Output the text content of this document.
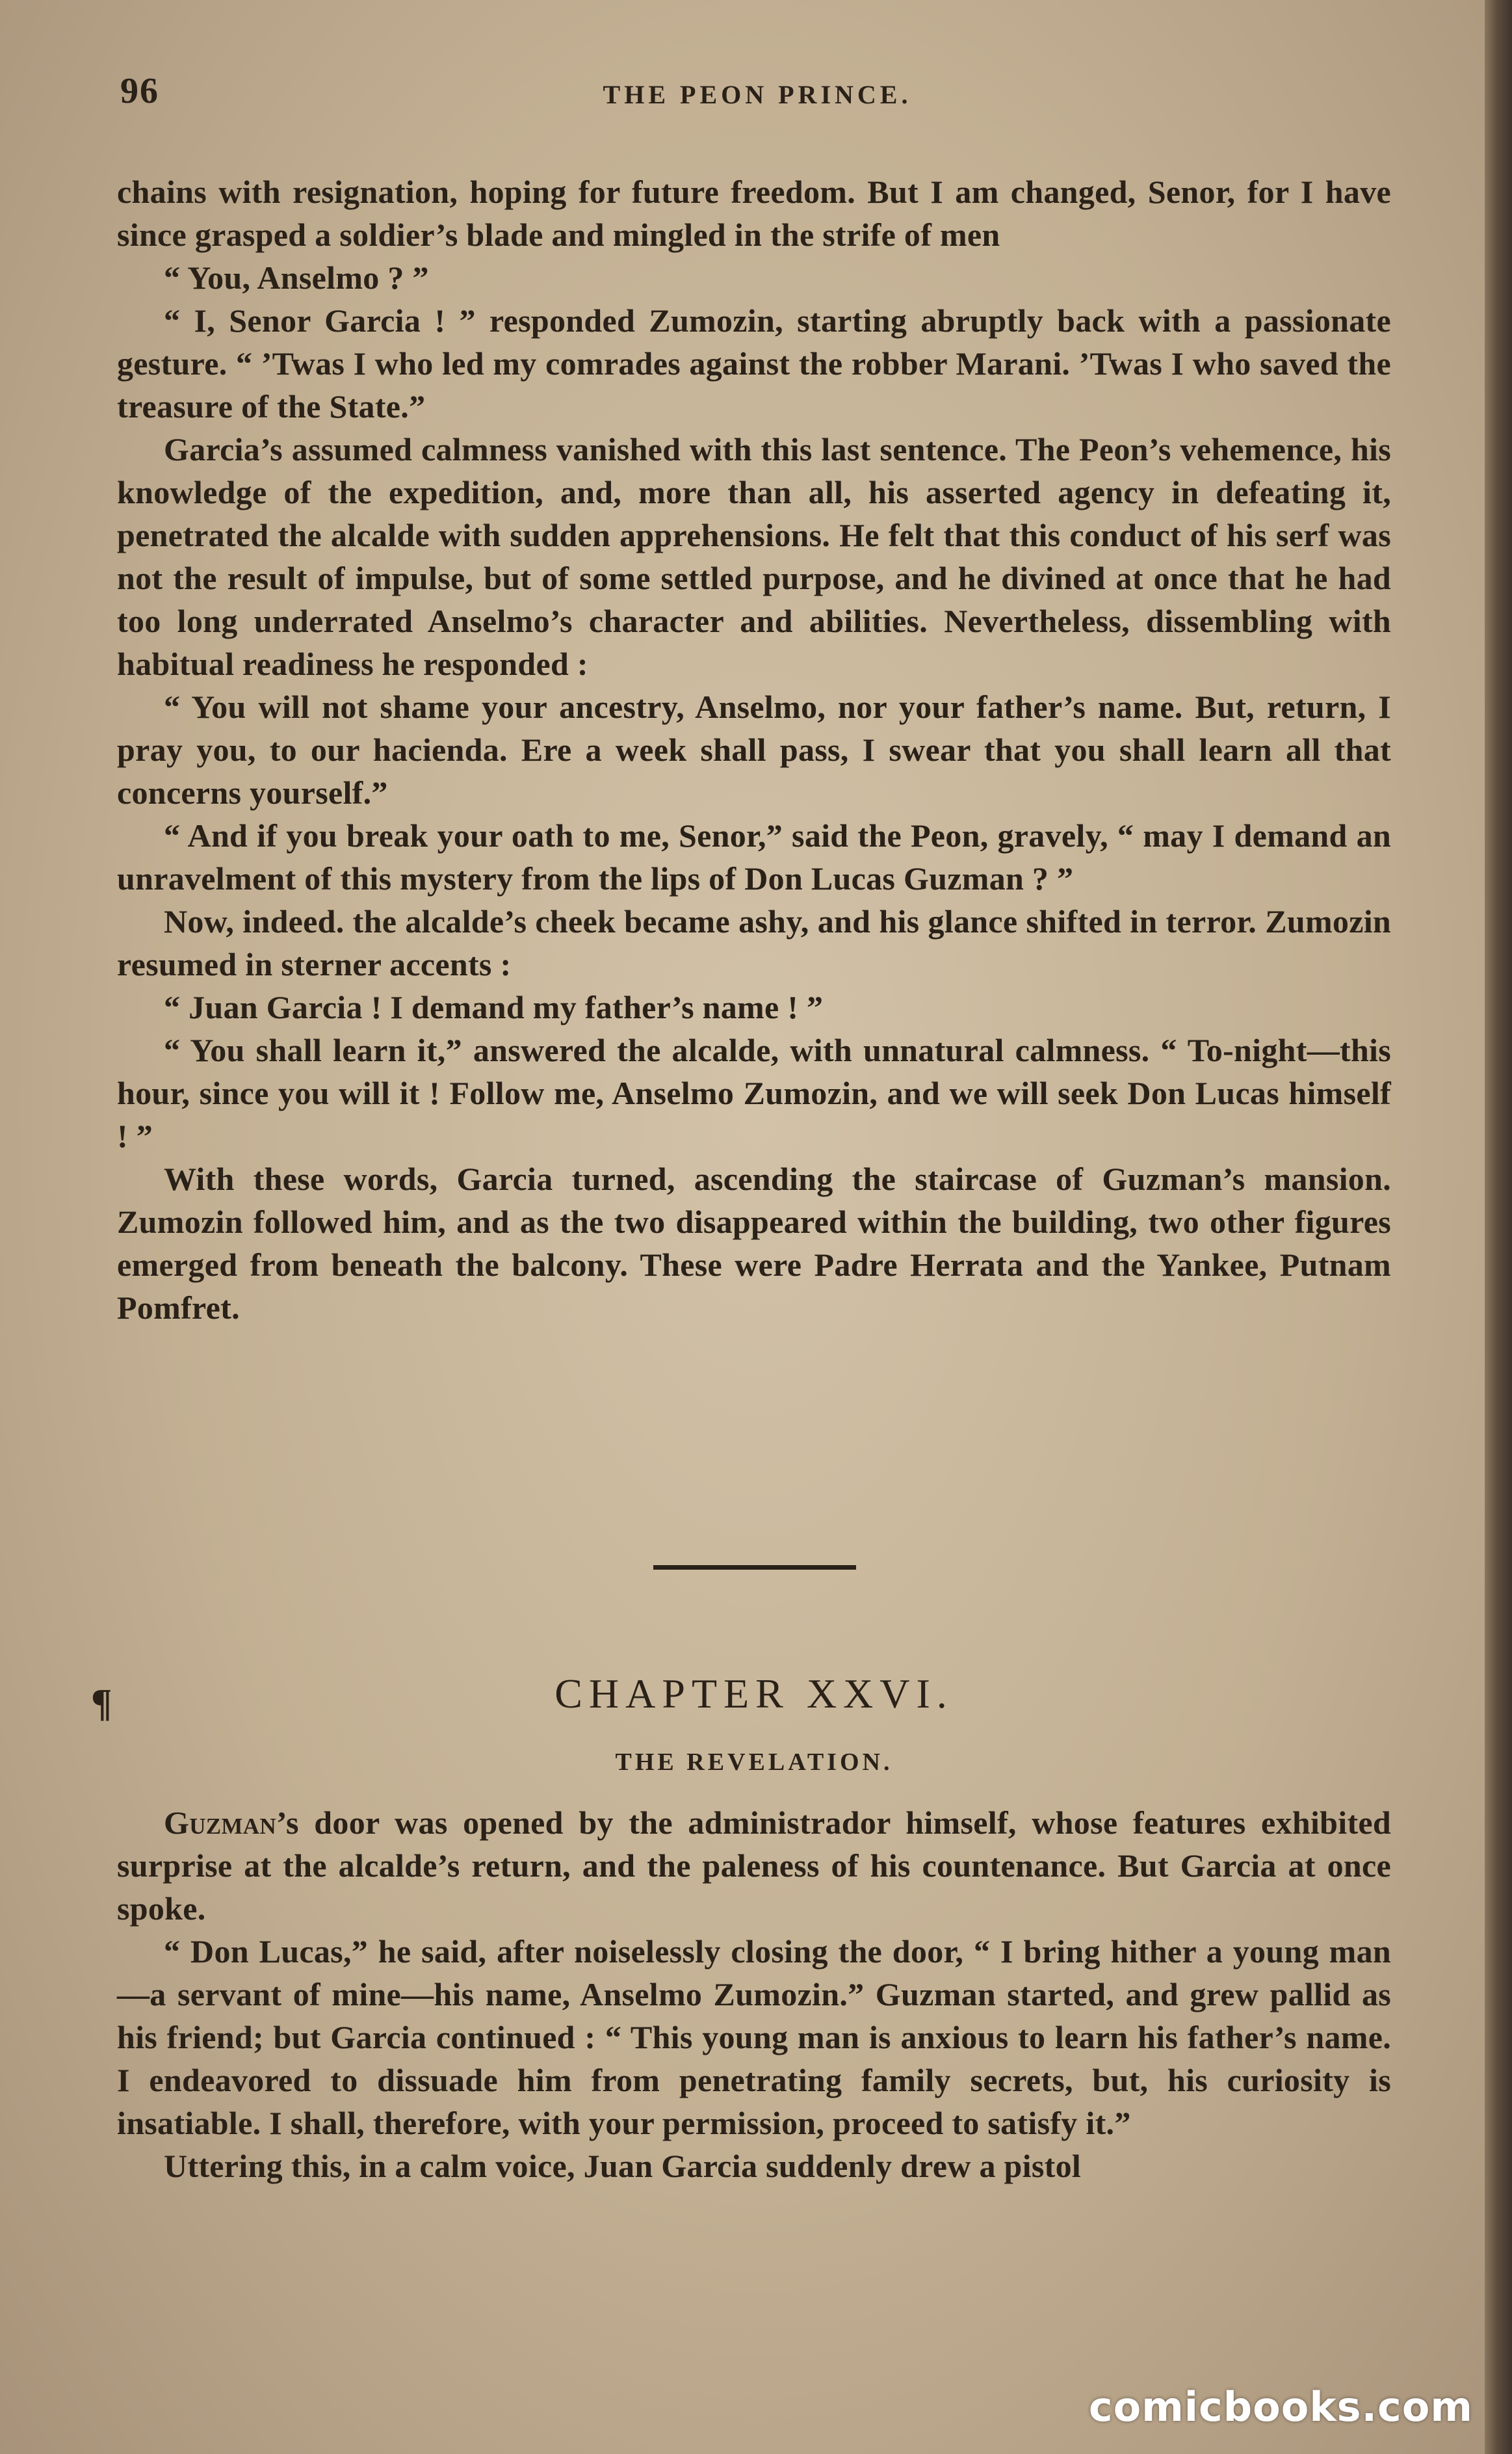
96	THE PEON PRINCE.

chains with resignation, hoping for future freedom. But I am changed, Senor, for I have since grasped a soldier’s blade and mingled in the strife of men

“ You, Anselmo ? ”

“ I, Senor Garcia ! ” responded Zumozin, starting abruptly back with a passionate gesture. “ ’Twas I who led my comrades against the robber Marani. ’Twas I who saved the treasure of the State.”

Garcia’s assumed calmness vanished with this last sentence. The Peon’s vehemence, his knowledge of the expedition, and, more than all, his asserted agency in defeating it, penetrated the alcalde with sudden apprehensions. He felt that this conduct of his serf was not the result of impulse, but of some settled purpose, and he divined at once that he had too long underrated Anselmo’s character and abilities. Nevertheless, dissembling with habitual readiness he responded :

“ You will not shame your ancestry, Anselmo, nor your father’s name. But, return, I pray you, to our hacienda. Ere a week shall pass, I swear that you shall learn all that concerns yourself.”

“ And if you break your oath to me, Senor,” said the Peon, gravely, “ may I demand an unravelment of this mystery from the lips of Don Lucas Guzman ? ”

Now, indeed. the alcalde’s cheek became ashy, and his glance shifted in terror. Zumozin resumed in sterner accents :

“ Juan Garcia ! I demand my father’s name ! ”

“ You shall learn it,” answered the alcalde, with unnatural calmness. “ To-night—this hour, since you will it ! Follow me, Anselmo Zumozin, and we will seek Don Lucas himself ! ”

With these words, Garcia turned, ascending the staircase of Guzman’s mansion. Zumozin followed him, and as the two disappeared within the building, two other figures emerged from beneath the balcony. These were Padre Herrata and the Yankee, Putnam Pomfret.

¶	CHAPTER XXVI.
THE REVELATION.

Guzman’s door was opened by the administrador himself, whose features exhibited surprise at the alcalde’s return, and the paleness of his countenance. But Garcia at once spoke.

“ Don Lucas,” he said, after noiselessly closing the door, “ I bring hither a young man—a servant of mine—his name, Anselmo Zumozin.” Guzman started, and grew pallid as his friend; but Garcia continued : “ This young man is anxious to learn his father’s name. I endeavored to dissuade him from penetrating family secrets, but, his curiosity is insatiable. I shall, therefore, with your permission, proceed to satisfy it.”

Uttering this, in a calm voice, Juan Garcia suddenly drew a pistol

comicbooks.com
